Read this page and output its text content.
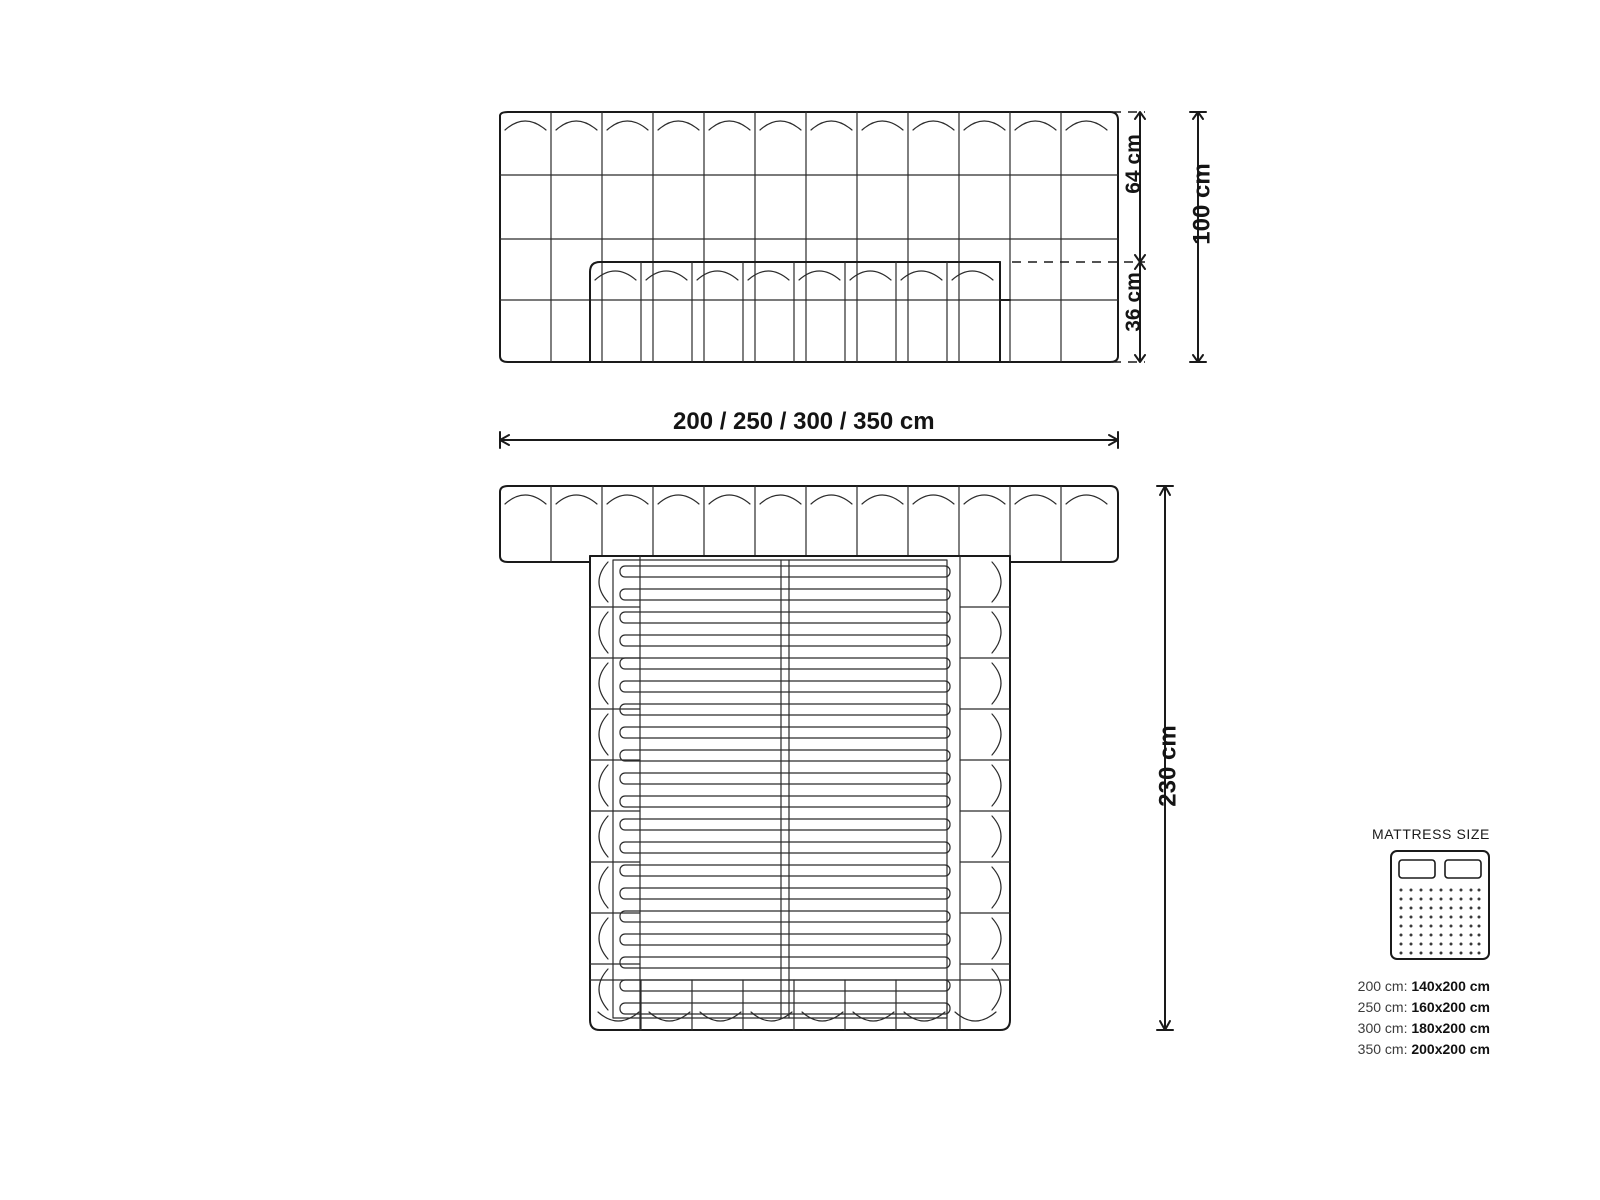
64 cm
36 cm
100 cm
200 / 250 / 300 / 350 cm
230 cm
MATTRESS SIZE
200 cm: 140x200 cm
250 cm: 160x200 cm
300 cm: 180x200 cm
350 cm: 200x200 cm
